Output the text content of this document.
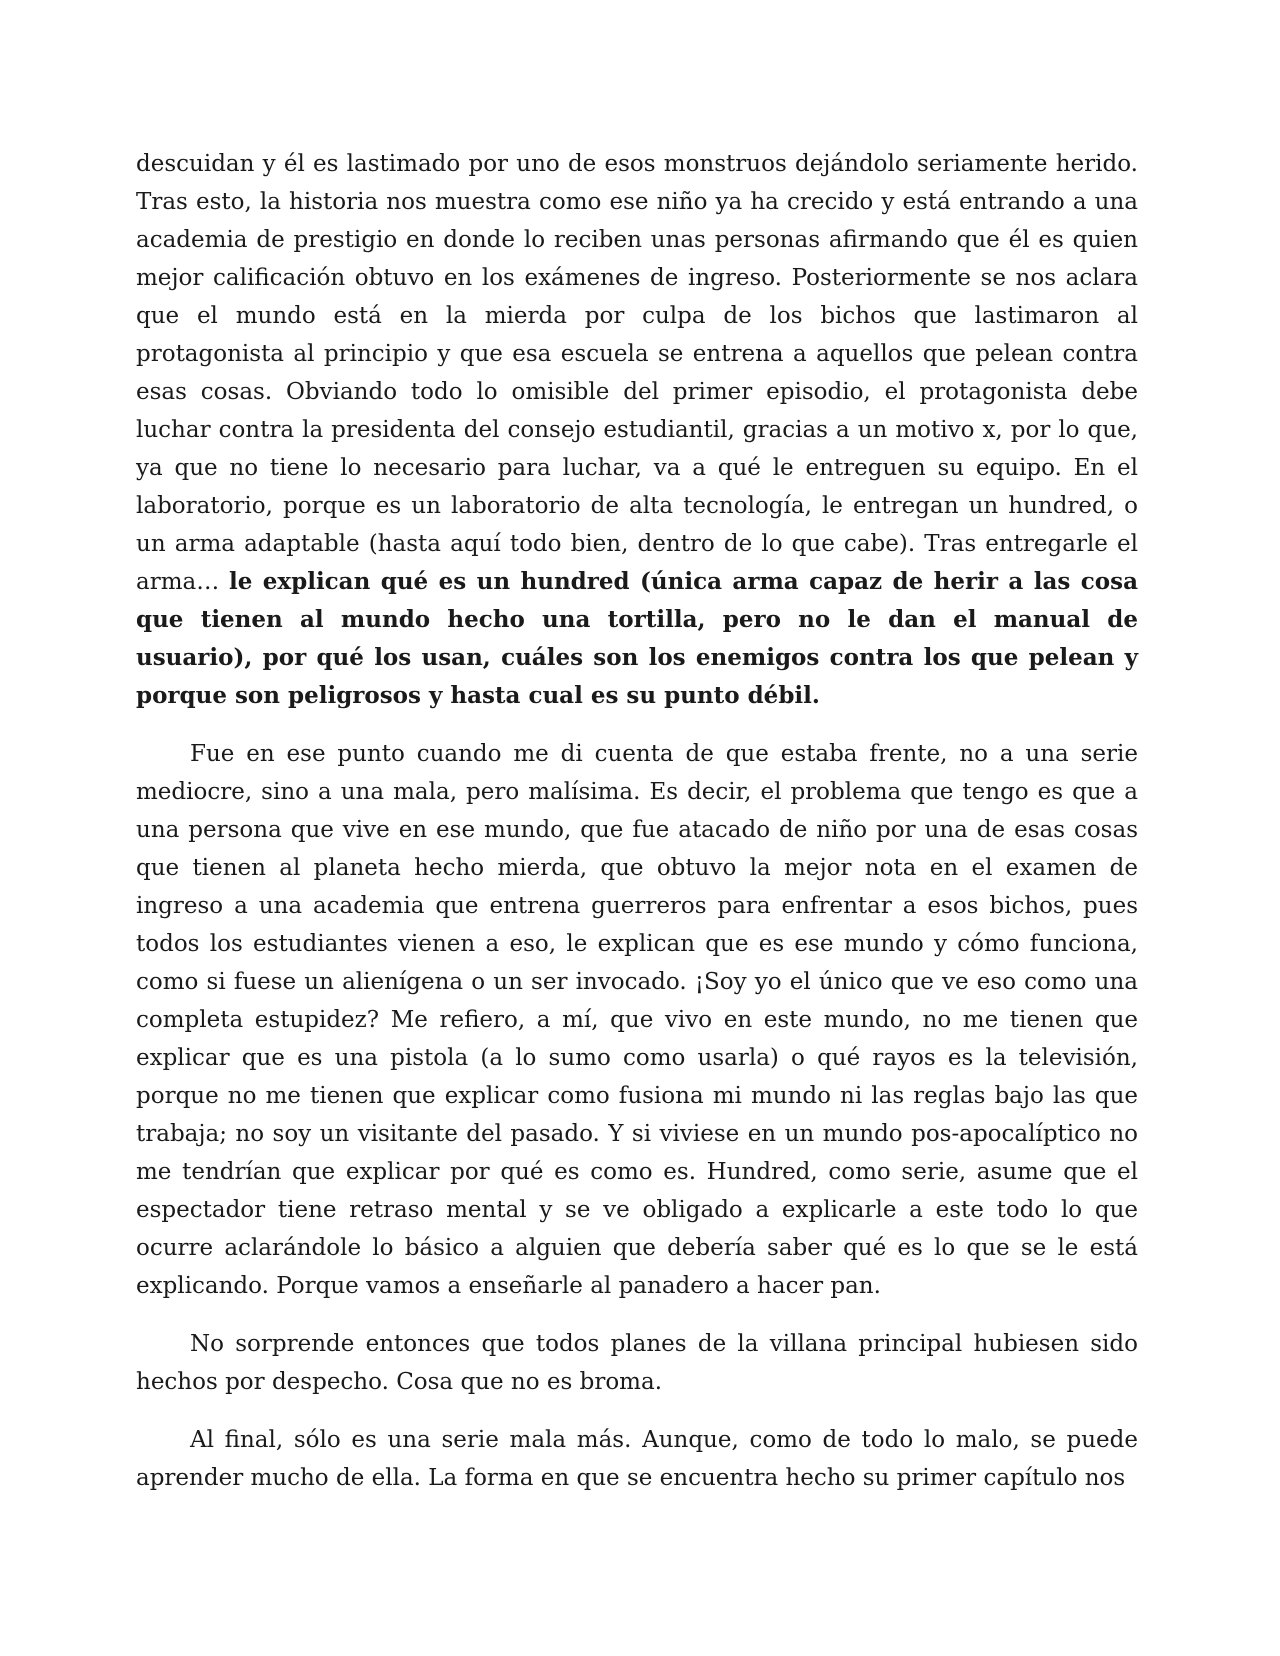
descuidan y él es lastimado por uno de esos monstruos dejándolo seriamente herido. Tras esto, la historia nos muestra como ese niño ya ha crecido y está entrando a una academia de prestigio en donde lo reciben unas personas afirmando que él es quien mejor calificación obtuvo en los exámenes de ingreso. Posteriormente se nos aclara que el mundo está en la mierda por culpa de los bichos que lastimaron al protagonista al principio y que esa escuela se entrena a aquellos que pelean contra esas cosas. Obviando todo lo omisible del primer episodio, el protagonista debe luchar contra la presidenta del consejo estudiantil, gracias a un motivo x, por lo que, ya que no tiene lo necesario para luchar, va a qué le entreguen su equipo. En el laboratorio, porque es un laboratorio de alta tecnología, le entregan un hundred, o un arma adaptable (hasta aquí todo bien, dentro de lo que cabe). Tras entregarle el arma… le explican qué es un hundred (única arma capaz de herir a las cosa que tienen al mundo hecho una tortilla, pero no le dan el manual de usuario), por qué los usan, cuáles son los enemigos contra los que pelean y porque son peligrosos y hasta cual es su punto débil.

Fue en ese punto cuando me di cuenta de que estaba frente, no a una serie mediocre, sino a una mala, pero malísima. Es decir, el problema que tengo es que a una persona que vive en ese mundo, que fue atacado de niño por una de esas cosas que tienen al planeta hecho mierda, que obtuvo la mejor nota en el examen de ingreso a una academia que entrena guerreros para enfrentar a esos bichos, pues todos los estudiantes vienen a eso, le explican que es ese mundo y cómo funciona, como si fuese un alienígena o un ser invocado. ¡Soy yo el único que ve eso como una completa estupidez? Me refiero, a mí, que vivo en este mundo, no me tienen que explicar que es una pistola (a lo sumo como usarla) o qué rayos es la televisión, porque no me tienen que explicar como fusiona mi mundo ni las reglas bajo las que trabaja; no soy un visitante del pasado. Y si viviese en un mundo pos-apocalíptico no me tendrían que explicar por qué es como es. Hundred, como serie, asume que el espectador tiene retraso mental y se ve obligado a explicarle a este todo lo que ocurre aclarándole lo básico a alguien que debería saber qué es lo que se le está explicando. Porque vamos a enseñarle al panadero a hacer pan.

No sorprende entonces que todos planes de la villana principal hubiesen sido hechos por despecho. Cosa que no es broma.

Al final, sólo es una serie mala más. Aunque, como de todo lo malo, se puede aprender mucho de ella. La forma en que se encuentra hecho su primer capítulo nos
